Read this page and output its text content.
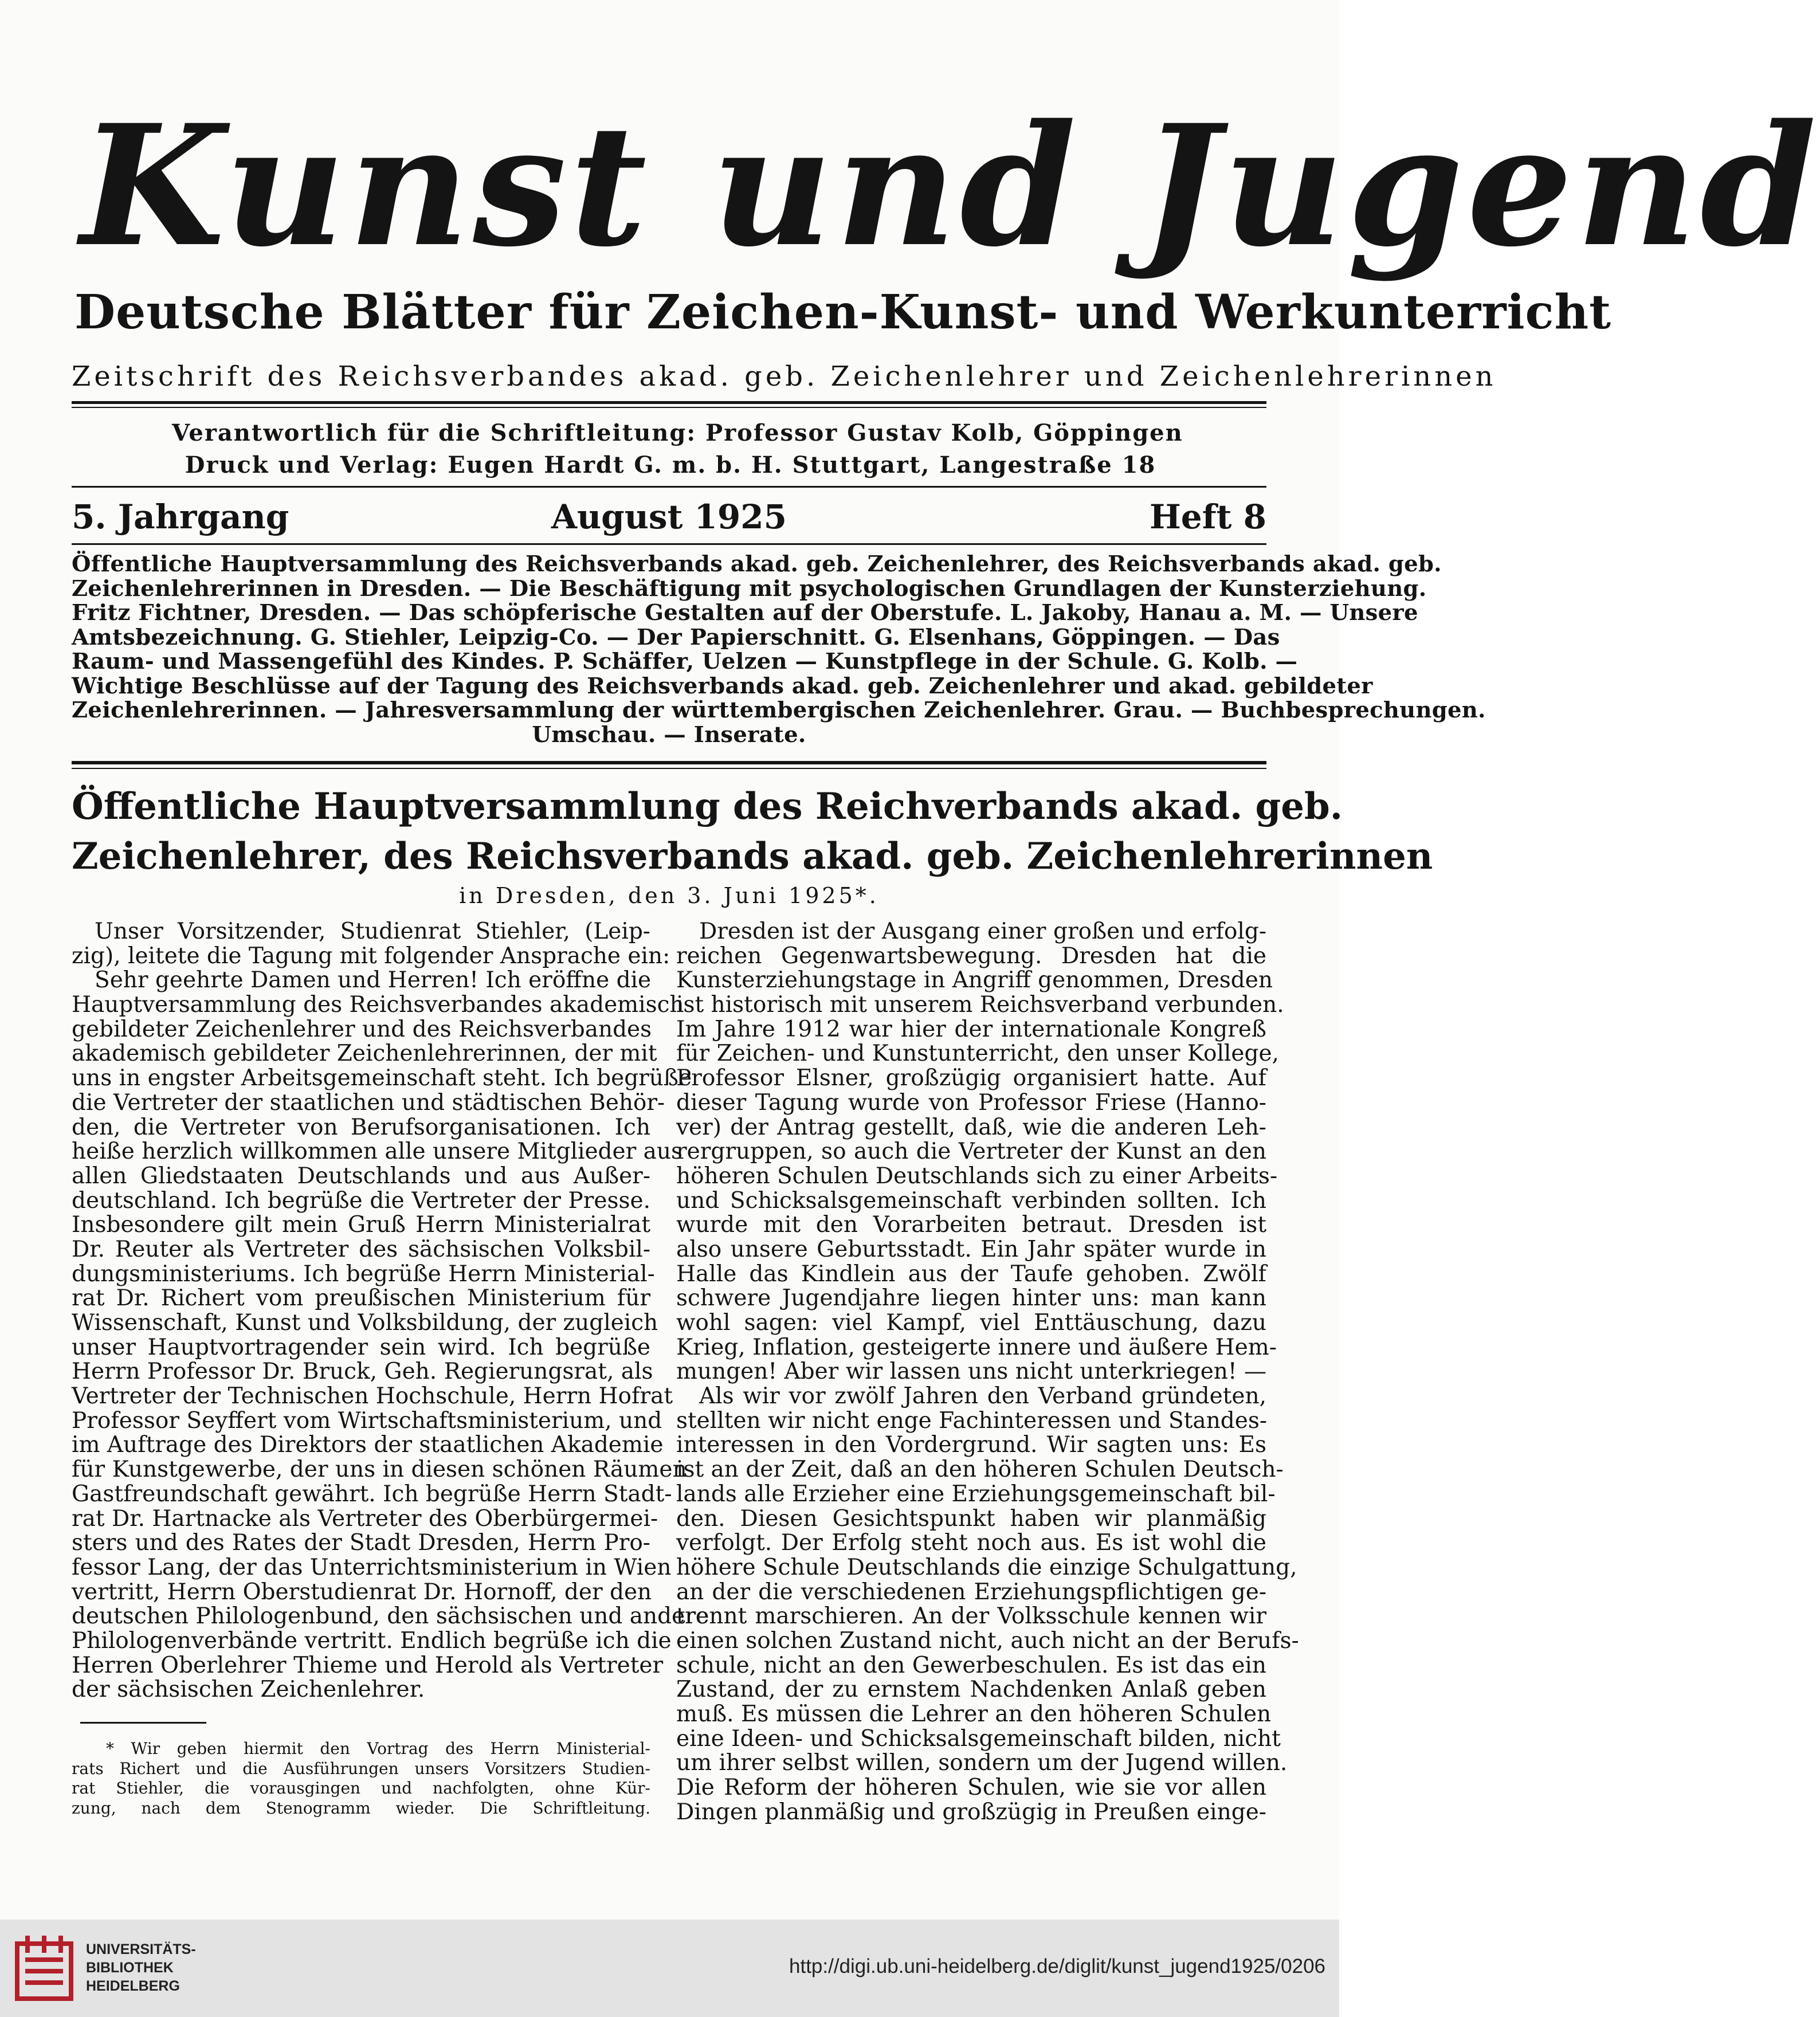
Kunst und Jugend
Deutsche Blätter für Zeichen-Kunst- und Werkunterricht
Zeitschrift des Reichsverbandes akad. geb. Zeichenlehrer und Zeichenlehrerinnen
Verantwortlich für die Schriftleitung: Professor Gustav Kolb, Göppingen
Druck und Verlag: Eugen Hardt G. m. b. H. Stuttgart, Langestraße 18
5. Jahrgang	August 1925	Heft 8
Öffentliche Hauptversammlung des Reichsverbands akad. geb. Zeichenlehrer, des Reichsverbands akad. geb.
Zeichenlehrerinnen in Dresden. — Die Beschäftigung mit psychologischen Grundlagen der Kunsterziehung.
Fritz Fichtner, Dresden. — Das schöpferische Gestalten auf der Oberstufe. L. Jakoby, Hanau a. M. — Unsere
Amtsbezeichnung. G. Stiehler, Leipzig-Co. — Der Papierschnitt. G. Elsenhans, Göppingen. — Das
Raum- und Massengefühl des Kindes. P. Schäffer, Uelzen — Kunstpflege in der Schule. G. Kolb. —
Wichtige Beschlüsse auf der Tagung des Reichsverbands akad. geb. Zeichenlehrer und akad. gebildeter
Zeichenlehrerinnen. — Jahresversammlung der württembergischen Zeichenlehrer. Grau. — Buchbesprechungen.
Umschau. — Inserate.
Öffentliche Hauptversammlung des Reichverbands akad. geb.
Zeichenlehrer, des Reichsverbands akad. geb. Zeichenlehrerinnen
in Dresden, den 3. Juni 1925*.
Unser Vorsitzender, Studienrat Stiehler, (Leip-
zig), leitete die Tagung mit folgender Ansprache ein:
Sehr geehrte Damen und Herren! Ich eröffne die
Hauptversammlung des Reichsverbandes akademisch
gebildeter Zeichenlehrer und des Reichsverbandes
akademisch gebildeter Zeichenlehrerinnen, der mit
uns in engster Arbeitsgemeinschaft steht. Ich begrüße
die Vertreter der staatlichen und städtischen Behör-
den, die Vertreter von Berufsorganisationen. Ich
heiße herzlich willkommen alle unsere Mitglieder aus
allen Gliedstaaten Deutschlands und aus Außer-
deutschland. Ich begrüße die Vertreter der Presse.
Insbesondere gilt mein Gruß Herrn Ministerialrat
Dr. Reuter als Vertreter des sächsischen Volksbil-
dungsministeriums. Ich begrüße Herrn Ministerial-
rat Dr. Richert vom preußischen Ministerium für
Wissenschaft, Kunst und Volksbildung, der zugleich
unser Hauptvortragender sein wird. Ich begrüße
Herrn Professor Dr. Bruck, Geh. Regierungsrat, als
Vertreter der Technischen Hochschule, Herrn Hofrat
Professor Seyffert vom Wirtschaftsministerium, und
im Auftrage des Direktors der staatlichen Akademie
für Kunstgewerbe, der uns in diesen schönen Räumen
Gastfreundschaft gewährt. Ich begrüße Herrn Stadt-
rat Dr. Hartnacke als Vertreter des Oberbürgermei-
sters und des Rates der Stadt Dresden, Herrn Pro-
fessor Lang, der das Unterrichtsministerium in Wien
vertritt, Herrn Oberstudienrat Dr. Hornoff, der den
deutschen Philologenbund, den sächsischen und andere
Philologenverbände vertritt. Endlich begrüße ich die
Herren Oberlehrer Thieme und Herold als Vertreter
der sächsischen Zeichenlehrer.
Dresden ist der Ausgang einer großen und erfolg-
reichen Gegenwartsbewegung. Dresden hat die
Kunsterziehungstage in Angriff genommen, Dresden
ist historisch mit unserem Reichsverband verbunden.
Im Jahre 1912 war hier der internationale Kongreß
für Zeichen- und Kunstunterricht, den unser Kollege,
Professor Elsner, großzügig organisiert hatte. Auf
dieser Tagung wurde von Professor Friese (Hanno-
ver) der Antrag gestellt, daß, wie die anderen Leh-
rergruppen, so auch die Vertreter der Kunst an den
höheren Schulen Deutschlands sich zu einer Arbeits-
und Schicksalsgemeinschaft verbinden sollten. Ich
wurde mit den Vorarbeiten betraut. Dresden ist
also unsere Geburtsstadt. Ein Jahr später wurde in
Halle das Kindlein aus der Taufe gehoben. Zwölf
schwere Jugendjahre liegen hinter uns: man kann
wohl sagen: viel Kampf, viel Enttäuschung, dazu
Krieg, Inflation, gesteigerte innere und äußere Hem-
mungen! Aber wir lassen uns nicht unterkriegen! —
Als wir vor zwölf Jahren den Verband gründeten,
stellten wir nicht enge Fachinteressen und Standes-
interessen in den Vordergrund. Wir sagten uns: Es
ist an der Zeit, daß an den höheren Schulen Deutsch-
lands alle Erzieher eine Erziehungsgemeinschaft bil-
den. Diesen Gesichtspunkt haben wir planmäßig
verfolgt. Der Erfolg steht noch aus. Es ist wohl die
höhere Schule Deutschlands die einzige Schulgattung,
an der die verschiedenen Erziehungspflichtigen ge-
trennt marschieren. An der Volksschule kennen wir
einen solchen Zustand nicht, auch nicht an der Berufs-
schule, nicht an den Gewerbeschulen. Es ist das ein
Zustand, der zu ernstem Nachdenken Anlaß geben
muß. Es müssen die Lehrer an den höheren Schulen
eine Ideen- und Schicksalsgemeinschaft bilden, nicht
um ihrer selbst willen, sondern um der Jugend willen.
Die Reform der höheren Schulen, wie sie vor allen
Dingen planmäßig und großzügig in Preußen einge-
* Wir geben hiermit den Vortrag des Herrn Ministerial-
rats Richert und die Ausführungen unsers Vorsitzers Studien-
rat Stiehler, die vorausgingen und nachfolgten, ohne Kür-
zung, nach dem Stenogramm wieder. Die Schriftleitung.
UNIVERSITÄTS-
BIBLIOTHEK
HEIDELBERG
http://digi.ub.uni-heidelberg.de/diglit/kunst_jugend1925/0206
